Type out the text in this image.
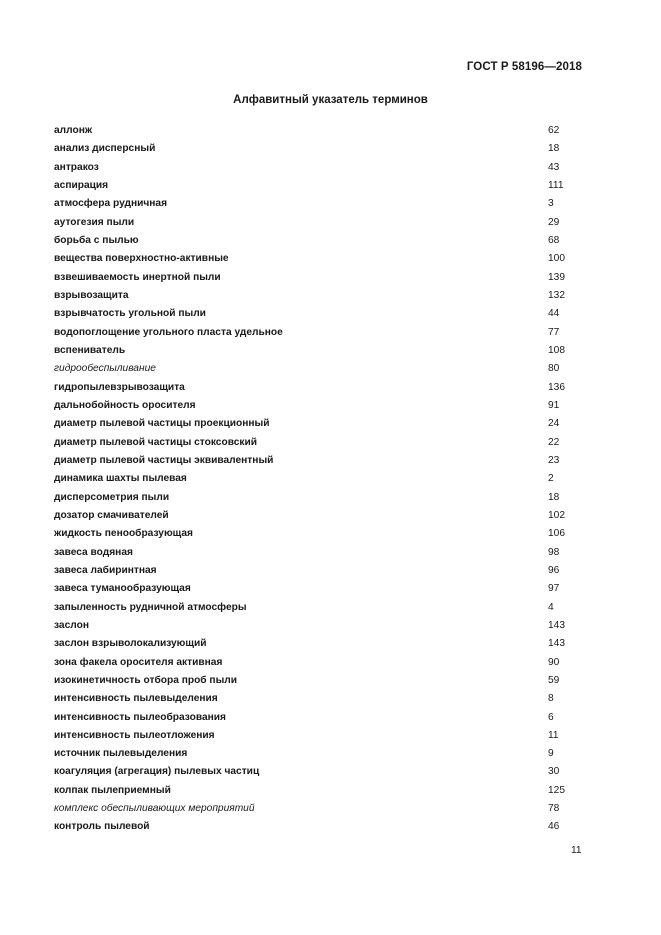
ГОСТ Р 58196—2018
Алфавитный указатель терминов
аллонж	62
анализ дисперсный	18
антракоз	43
аспирация	111
атмосфера рудничная	3
аутогезия пыли	29
борьба с пылью	68
вещества поверхностно-активные	100
взвешиваемость инертной пыли	139
взрывозащита	132
взрывчатость угольной пыли	44
водопоглощение угольного пласта удельное	77
вспениватель	108
гидрообеспыливание	80
гидропылевзрывозащита	136
дальнобойность оросителя	91
диаметр пылевой частицы проекционный	24
диаметр пылевой частицы стоксовский	22
диаметр пылевой частицы эквивалентный	23
динамика шахты пылевая	2
дисперсометрия пыли	18
дозатор смачивателей	102
жидкость пенообразующая	106
завеса водяная	98
завеса лабиринтная	96
завеса туманообразующая	97
запыленность рудничной атмосферы	4
заслон	143
заслон взрыволокализующий	143
зона факела оросителя активная	90
изокинетичность отбора проб пыли	59
интенсивность пылевыделения	8
интенсивность пылеобразования	6
интенсивность пылеотложения	11
источник пылевыделения	9
коагуляция (агрегация) пылевых частиц	30
колпак пылеприемный	125
комплекс обеспыливающих мероприятий	78
контроль пылевой	46
11
